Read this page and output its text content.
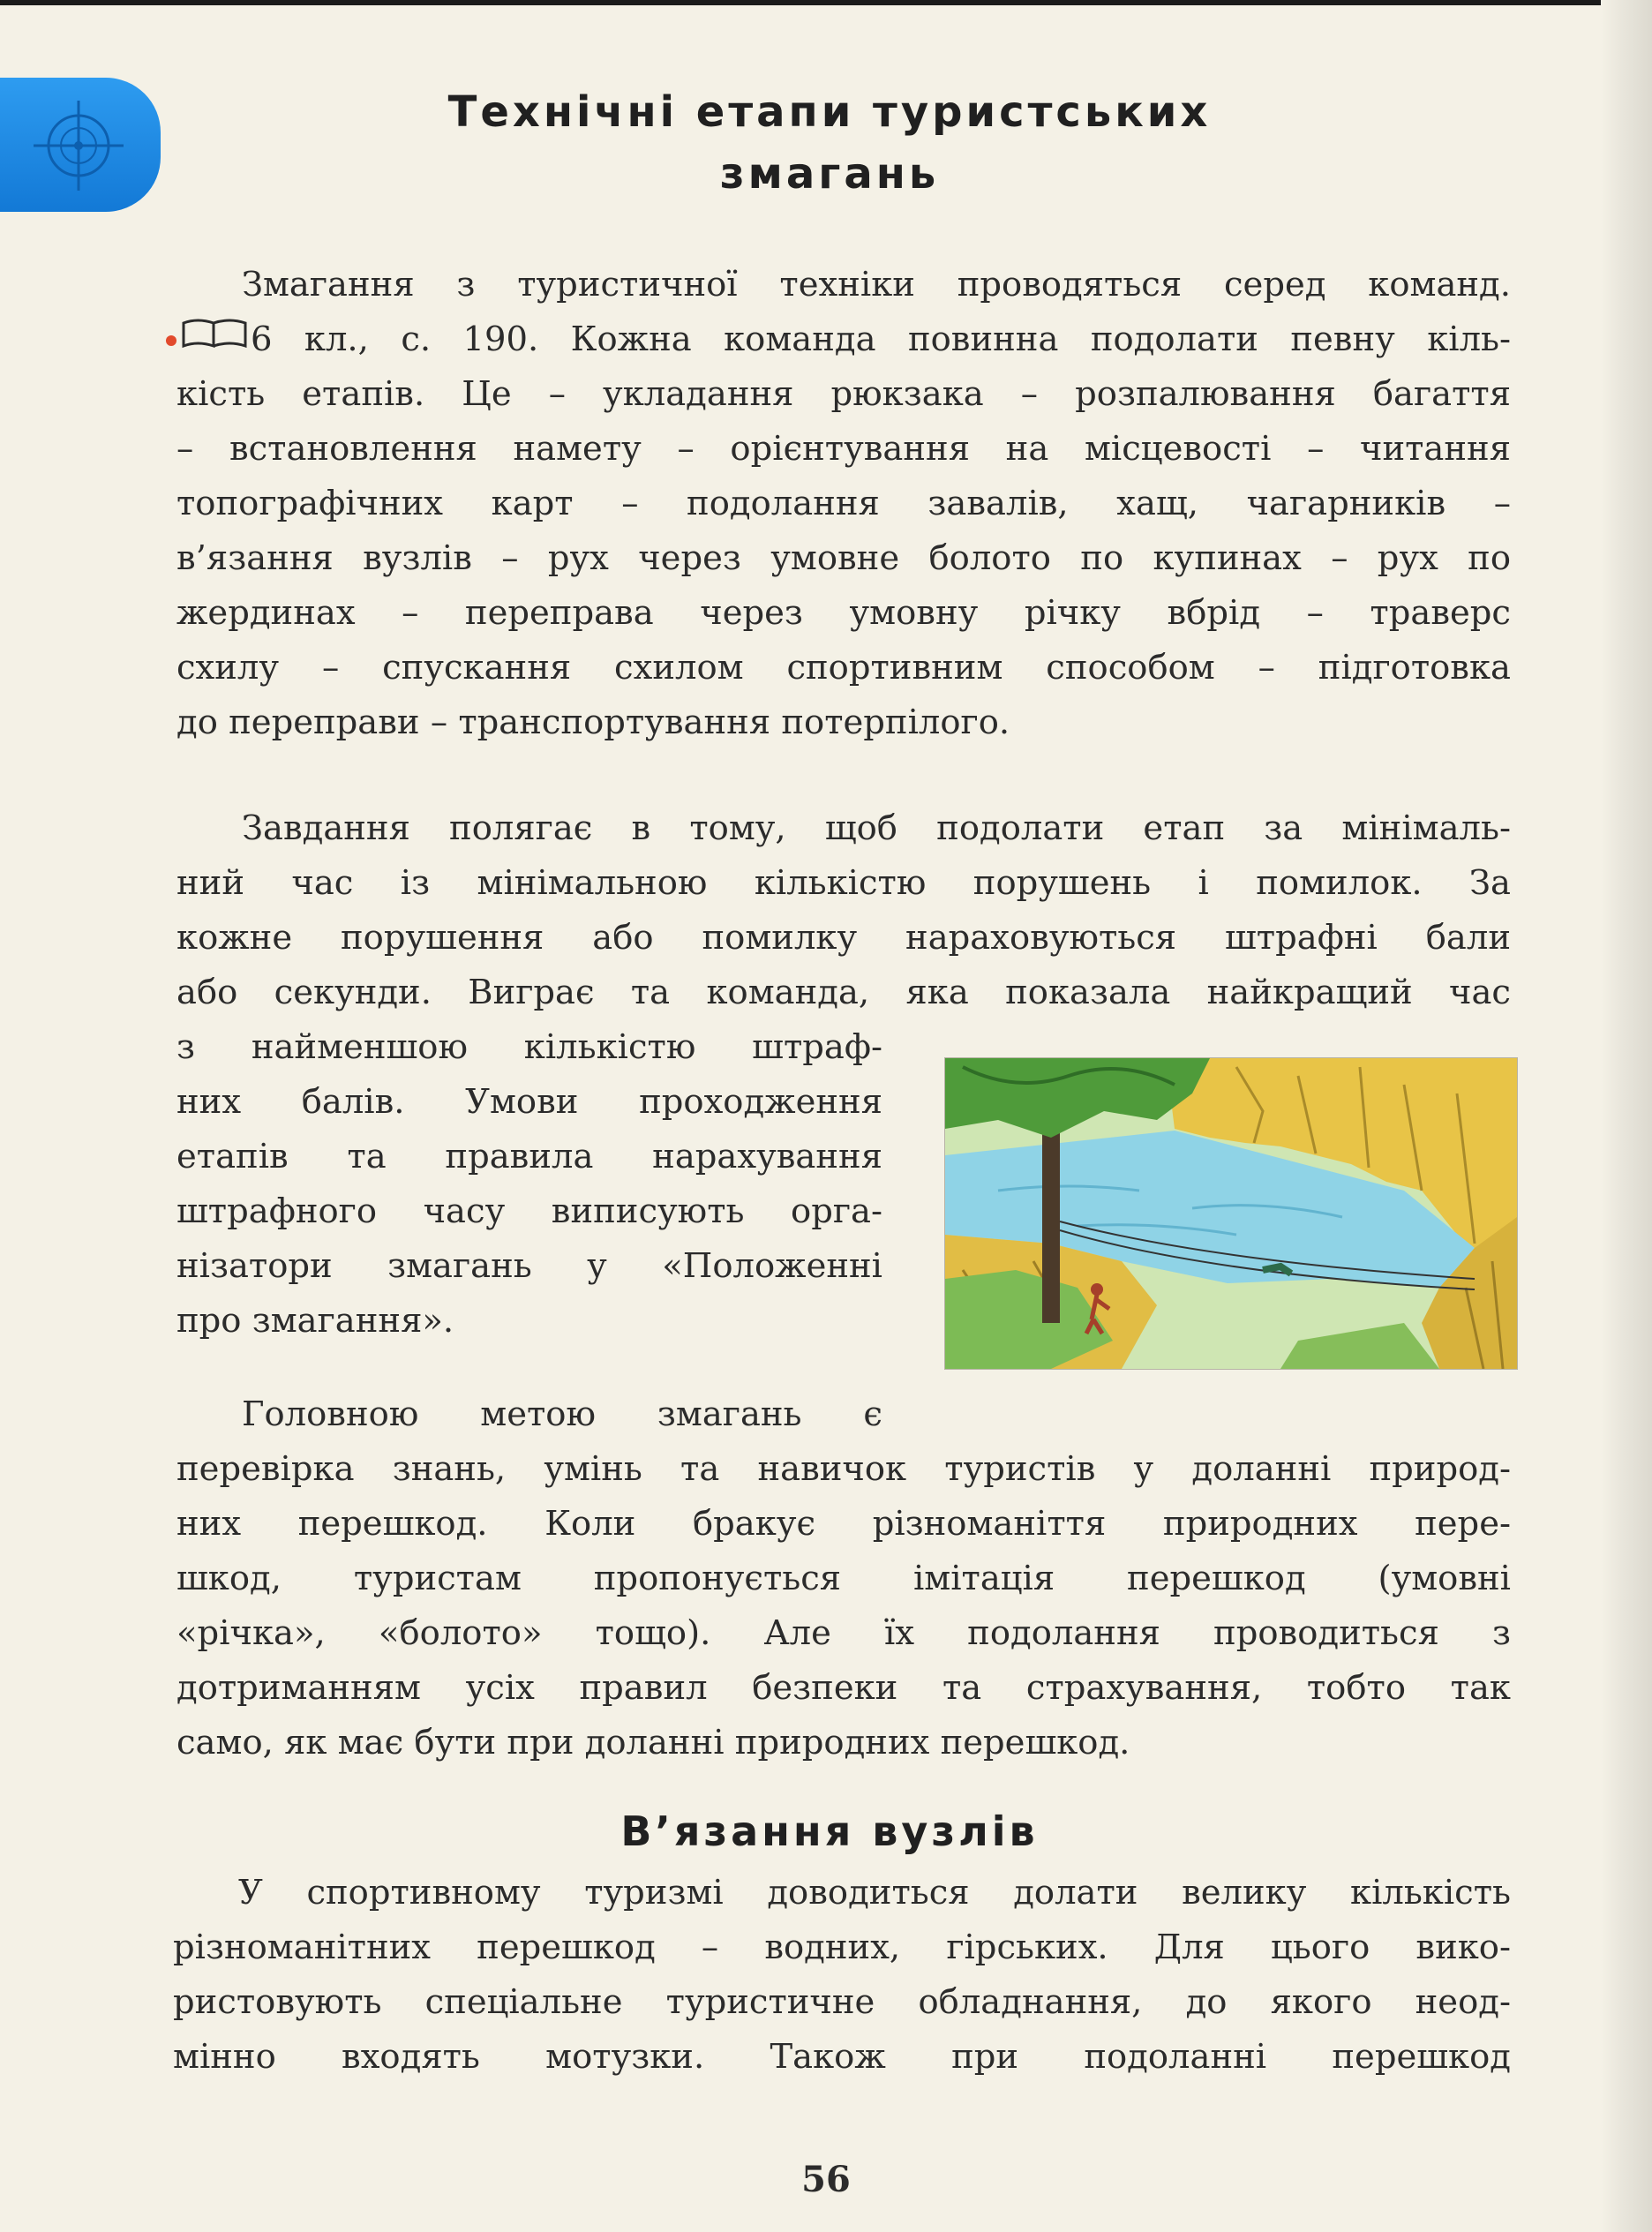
Технічні етапи туристських
змагань
Змагання з туристичної техніки проводяться серед команд.
6 кл., с. 190. Кожна команда повинна подолати певну кіль-
кість етапів. Це – укладання рюкзака – розпалювання багаття
– встановлення намету – орієнтування на місцевості – читання
топографічних карт – подолання завалів, хащ, чагарників –
в’язання вузлів – рух через умовне болото по купинах – рух по
жердинах – переправа через умовну річку вбрід – траверс
схилу – спускання схилом спортивним способом – підготовка
до переправи – транспортування потерпілого.
Завдання полягає в тому, щоб подолати етап за мінімаль-
ний час із мінімальною кількістю порушень і помилок. За
кожне порушення або помилку нараховуються штрафні бали
або секунди. Виграє та команда, яка показала найкращий час
з найменшою кількістю штраф-
них балів. Умови проходження
етапів та правила нарахування
штрафного часу виписують орга-
нізатори змагань у «Положенні
про змагання».
Головною метою змагань є
перевірка знань, умінь та навичок туристів у доланні природ-
них перешкод. Коли бракує різноманіття природних пере-
шкод, туристам пропонується імітація перешкод (умовні
«річка», «болото» тощо). Але їх подолання проводиться з
дотриманням усіх правил безпеки та страхування, тобто так
само, як має бути при доланні природних перешкод.
В’язання вузлів
У спортивному туризмі доводиться долати велику кількість
різноманітних перешкод – водних, гірських. Для цього вико-
ристовують спеціальне туристичне обладнання, до якого неод-
мінно входять мотузки. Також при подоланні перешкод
56
